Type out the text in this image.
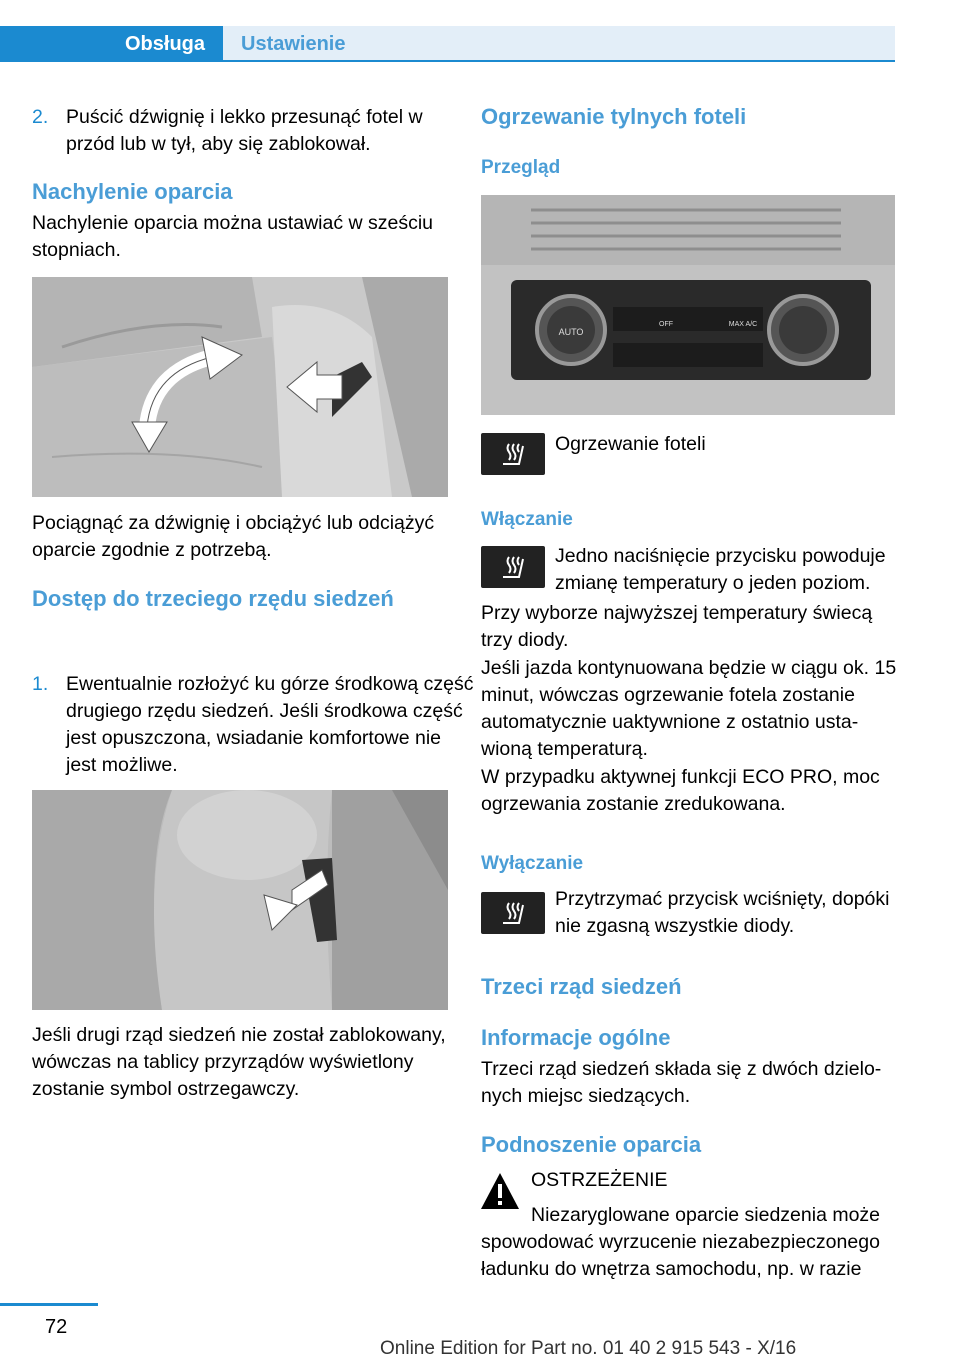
Obsługa	Ustawienie
2. Puścić dźwignię i lekko przesunąć fotel w przód lub w tył, aby się zablokował.
Nachylenie oparcia
Nachylenie oparcia można ustawiać w sześciu stopniach.
Pociągnąć za dźwignię i obciążyć lub odciążyć oparcie zgodnie z potrzebą.
Dostęp do trzeciego rzędu siedzeń
1. Ewentualnie rozłożyć ku górze środkową część drugiego rzędu siedzeń. Jeśli środkowa część jest opuszczona, wsiadanie komfortowe nie jest możliwe.
Jeśli drugi rząd siedzeń nie został zablokowany, wówczas na tablicy przyrządów wyświetlony zostanie symbol ostrzegawczy.
Ogrzewanie tylnych foteli
Przegląd
AUTO
OFF	MAX A/C
Ogrzewanie foteli
Włączanie
Jedno naciśnięcie przycisku powoduje zmianę temperatury o jeden poziom.
Przy wyborze najwyższej temperatury świecą trzy diody.
Jeśli jazda kontynuowana będzie w ciągu ok. 15 minut, wówczas ogrzewanie fotela zostanie automatycznie uaktywnione z ostatnio ustawioną temperaturą.
W przypadku aktywnej funkcji ECO PRO, moc ogrzewania zostanie zredukowana.
Wyłączanie
Przytrzymać przycisk wciśnięty, dopóki nie zgasną wszystkie diody.
Trzeci rząd siedzeń
Informacje ogólne
Trzeci rząd siedzeń składa się z dwóch dzielonych miejsc siedzących.
Podnoszenie oparcia
OSTRZEŻENIE
Niezaryglowane oparcie siedzenia może
spowodować wyrzucenie niezabezpieczonego ładunku do wnętrza samochodu, np. w razie
72
Online Edition for Part no. 01 40 2 915 543 - X/16
